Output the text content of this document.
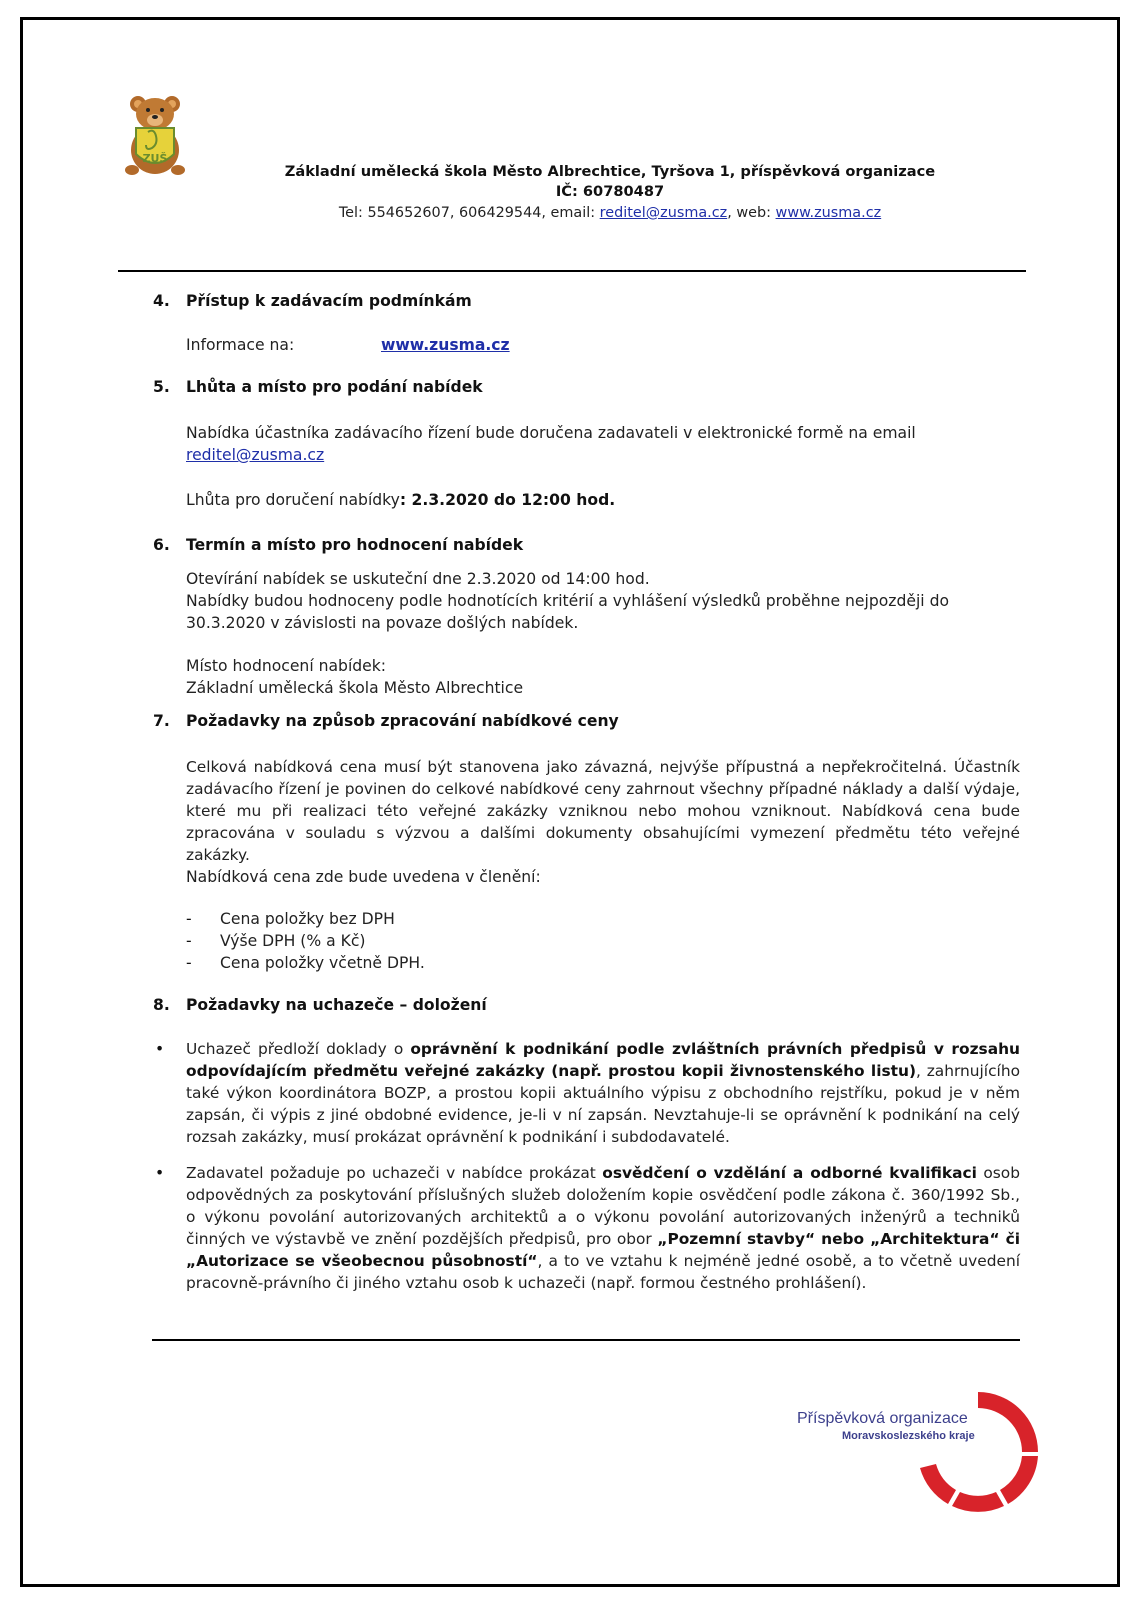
ZUŠ
Základní umělecká škola Město Albrechtice, Tyršova 1, příspěvková organizace
IČ: 60780487
Tel: 554652607, 606429544, email: reditel@zusma.cz, web: www.zusma.cz
4. Přístup k zadávacím podmínkám
Informace na:	www.zusma.cz
5. Lhůta a místo pro podání nabídek
Nabídka účastníka zadávacího řízení bude doručena zadavateli v elektronické formě na email
reditel@zusma.cz
Lhůta pro doručení nabídky: 2.3.2020 do 12:00 hod.
6. Termín a místo pro hodnocení nabídek
Otevírání nabídek se uskuteční dne 2.3.2020 od 14:00 hod.
Nabídky budou hodnoceny podle hodnotících kritérií a vyhlášení výsledků proběhne nejpozději do
30.3.2020 v závislosti na povaze došlých nabídek.
Místo hodnocení nabídek:
Základní umělecká škola Město Albrechtice
7. Požadavky na způsob zpracování nabídkové ceny
Celková nabídková cena musí být stanovena jako závazná, nejvýše přípustná a nepřekročitelná. Účastník zadávacího řízení je povinen do celkové nabídkové ceny zahrnout všechny případné náklady a další výdaje, které mu při realizaci této veřejné zakázky vzniknou nebo mohou vzniknout. Nabídková cena bude zpracována v souladu s výzvou a dalšími dokumenty obsahujícími vymezení předmětu této veřejné zakázky.
Nabídková cena zde bude uvedena v členění:
- Cena položky bez DPH
- Výše DPH (% a Kč)
- Cena položky včetně DPH.
8. Požadavky na uchazeče – doložení
• Uchazeč předloží doklady o oprávnění k podnikání podle zvláštních právních předpisů v rozsahu odpovídajícím předmětu veřejné zakázky (např. prostou kopii živnostenského listu), zahrnujícího také výkon koordinátora BOZP, a prostou kopii aktuálního výpisu z obchodního rejstříku, pokud je v něm zapsán, či výpis z jiné obdobné evidence, je-li v ní zapsán. Nevztahuje-li se oprávnění k podnikání na celý rozsah zakázky, musí prokázat oprávnění k podnikání i subdodavatelé.
• Zadavatel požaduje po uchazeči v nabídce prokázat osvědčení o vzdělání a odborné kvalifikaci osob odpovědných za poskytování příslušných služeb doložením kopie osvědčení podle zákona č. 360/1992 Sb., o výkonu povolání autorizovaných architektů a o výkonu povolání autorizovaných inženýrů a techniků činných ve výstavbě ve znění pozdějších předpisů, pro obor „Pozemní stavby“ nebo „Architektura“ či „Autorizace se všeobecnou působností“, a to ve vztahu k nejméně jedné osobě, a to včetně uvedení pracovně-právního či jiného vztahu osob k uchazeči (např. formou čestného prohlášení).
Příspěvková organizace
Moravskoslezského kraje
